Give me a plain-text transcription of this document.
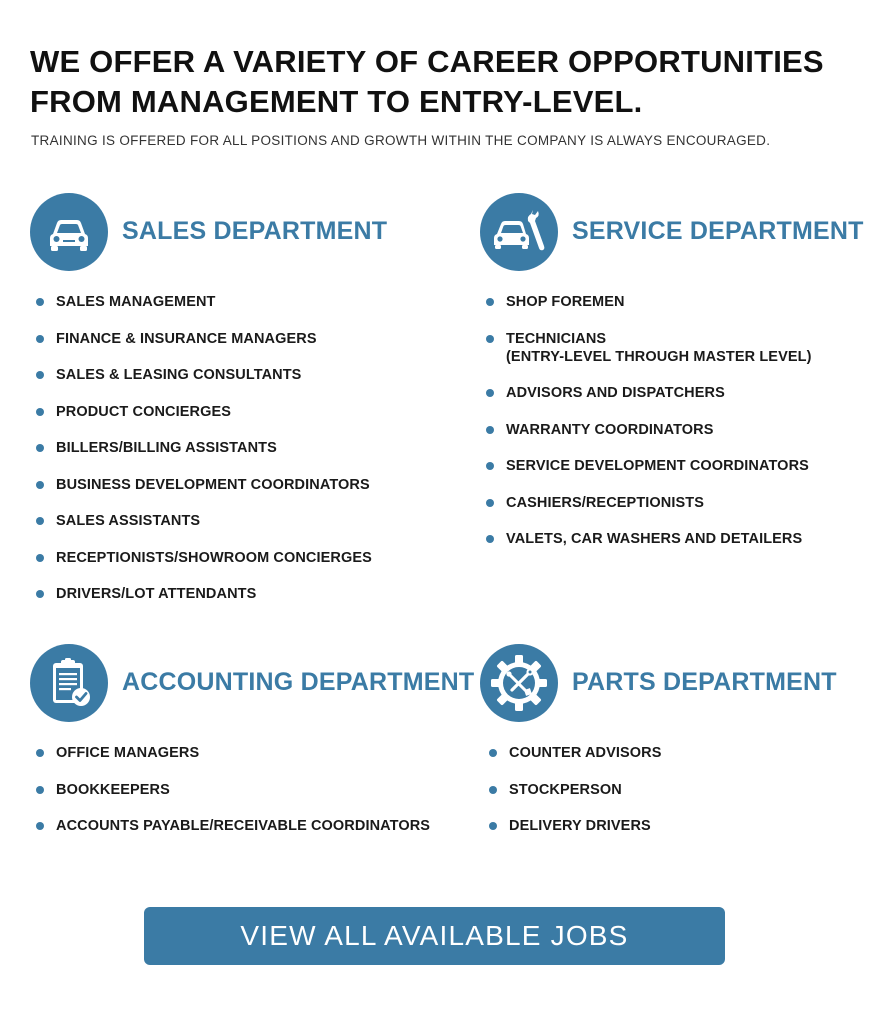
WE OFFER A VARIETY OF CAREER OPPORTUNITIES
FROM MANAGEMENT TO ENTRY-LEVEL.
TRAINING IS OFFERED FOR ALL POSITIONS AND GROWTH WITHIN THE COMPANY IS ALWAYS ENCOURAGED.
SALES DEPARTMENT
SALES MANAGEMENT
FINANCE & INSURANCE MANAGERS
SALES & LEASING CONSULTANTS
PRODUCT CONCIERGES
BILLERS/BILLING ASSISTANTS
BUSINESS DEVELOPMENT COORDINATORS
SALES ASSISTANTS
RECEPTIONISTS/SHOWROOM CONCIERGES
DRIVERS/LOT ATTENDANTS
SERVICE DEPARTMENT
SHOP FOREMEN
TECHNICIANS
(ENTRY-LEVEL THROUGH MASTER LEVEL)
ADVISORS AND DISPATCHERS
WARRANTY COORDINATORS
SERVICE DEVELOPMENT COORDINATORS
CASHIERS/RECEPTIONISTS
VALETS, CAR WASHERS AND DETAILERS
ACCOUNTING DEPARTMENT
OFFICE MANAGERS
BOOKKEEPERS
ACCOUNTS PAYABLE/RECEIVABLE COORDINATORS
PARTS DEPARTMENT
COUNTER ADVISORS
STOCKPERSON
DELIVERY DRIVERS
VIEW ALL AVAILABLE JOBS
